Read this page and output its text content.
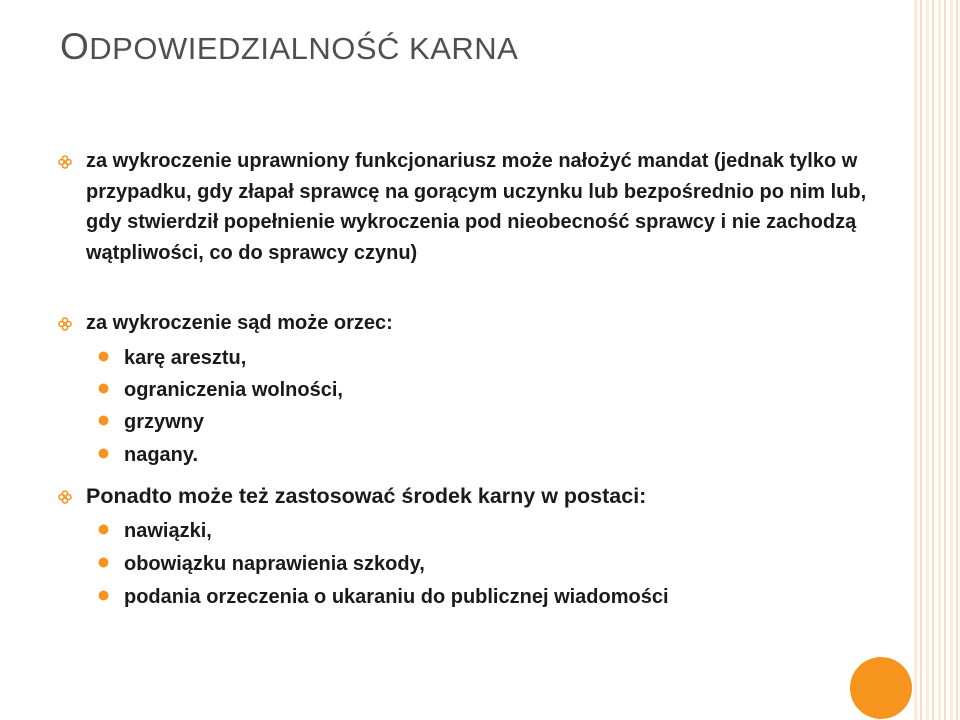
ODPOWIEDZIALNOŚĆ KARNA
za wykroczenie uprawniony funkcjonariusz może nałożyć mandat (jednak tylko w przypadku, gdy złapał sprawcę na gorącym uczynku lub bezpośrednio po nim lub, gdy stwierdził popełnienie wykroczenia pod nieobecność sprawcy i nie zachodzą wątpliwości, co do sprawcy czynu)
za wykroczenie sąd może orzec:
karę aresztu,
ograniczenia wolności,
grzywny
nagany.
Ponadto może też zastosować środek karny w postaci:
nawiązki,
obowiązku naprawienia szkody,
podania orzeczenia o ukaraniu do publicznej wiadomości
